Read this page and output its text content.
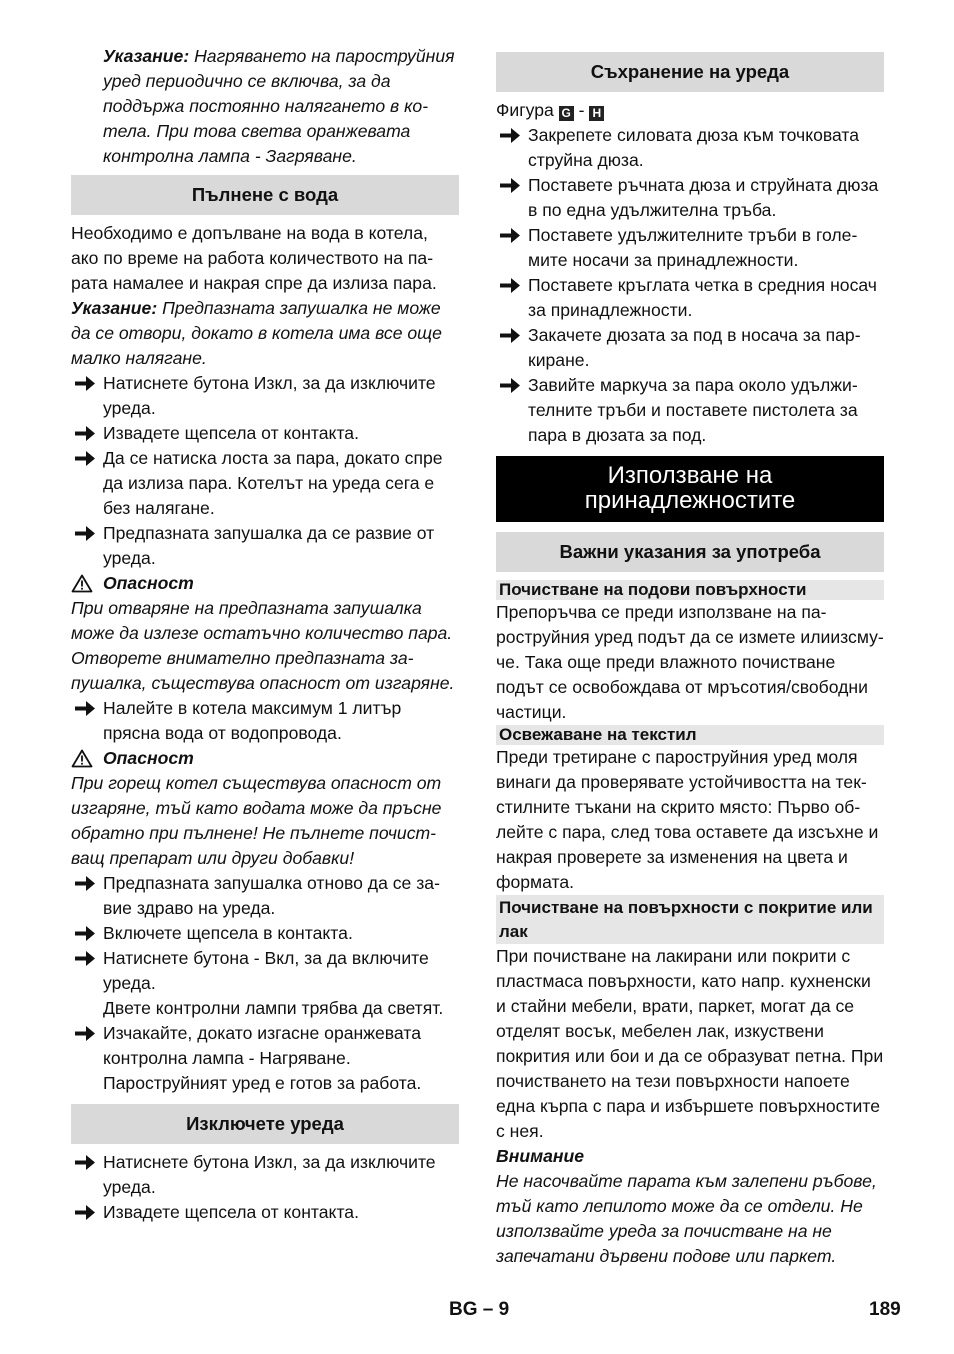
Указание: Нагряването на пароструйния уред периодично се включва, за да поддържа постоянно налягането в котела. При това светва оранжевата контролна лампа - Загряване.
Пълнене с вода
Необходимо е допълване на вода в котела, ако по време на работа количеството на парата намалее и накрая спре да излиза пара.
Указание: Предпазната запушалка не може да се отвори, докато в котела има все още малко налягане.
Натиснете бутона Изкл, за да изключите уреда.
Извадете щепсела от контакта.
Да се натиска лоста за пара, докато спре да излиза пара. Котелът на уреда сега е без налягане.
Предпазната запушалка да се развие от уреда.
Опасност
При отваряне на предпазната запушалка може да излезе остатъчно количество пара. Отворете внимателно предпазната запушалка, съществува опасност от изгаряне.
Налейте в котела максимум 1 литър прясна вода от водопровода.
Опасност
При горещ котел съществува опасност от изгаряне, тъй като водата може да пръсне обратно при пълнене! Не пълнете почистващ препарат или други добавки!
Предпазната запушалка отново да се завие здраво на уреда.
Включете щепсела в контакта.
Натиснете бутона - Вкл, за да включите уреда.
Двете контролни лампи трябва да светят.
Изчакайте, докато изгасне оранжевата контролна лампа - Нагряване.
Пароструйният уред е готов за работа.
Изключете уреда
Натиснете бутона Изкл, за да изключите уреда.
Извадете щепсела от контакта.
Съхранение на уреда
Фигура G - H
Закрепете силовата дюза към точковата струйна дюза.
Поставете ръчната дюза и струйната дюза в по една удължителна тръба.
Поставете удължителните тръби в големите носачи за принадлежности.
Поставете кръглата четка в средния носач за принадлежности.
Закачете дюзата за под в носача за паркиране.
Завийте маркуча за пара около удължителните тръби и поставете пистолета за пара в дюзата за под.
Използване на
принадлежностите
Важни указания за употреба
Почистване на подови повърхности
Препоръчва се преди използване на пароструйния уред подът да се измете илиизсмуче. Така още преди влажното почистване подът се освобождава от мръсотия/свободни частици.
Освежаване на текстил
Преди третиране с пароструйния уред моля винаги да проверявате устойчивостта на текстилните тъкани на скрито място: Първо облейте с пара, след това оставете да изсъхне и накрая проверете за изменения на цвета и формата.
Почистване на повърхности с покритие или лак
При почистване на лакирани или покрити с пластмаса повърхности, като напр. кухненски и стайни мебели, врати, паркет, могат да се отделят восък, мебелен лак, изкуствени покрития или бои и да се образуват петна. При почистването на тези повърхности напоете една кърпа с пара и избършете повърхностите с нея.
Внимание
Не насочвайте парата към залепени ръбове, тъй като лепилото може да се отдели. Не използвайте уреда за почистване на не запечатани дървени подове или паркет.
BG – 9	189
